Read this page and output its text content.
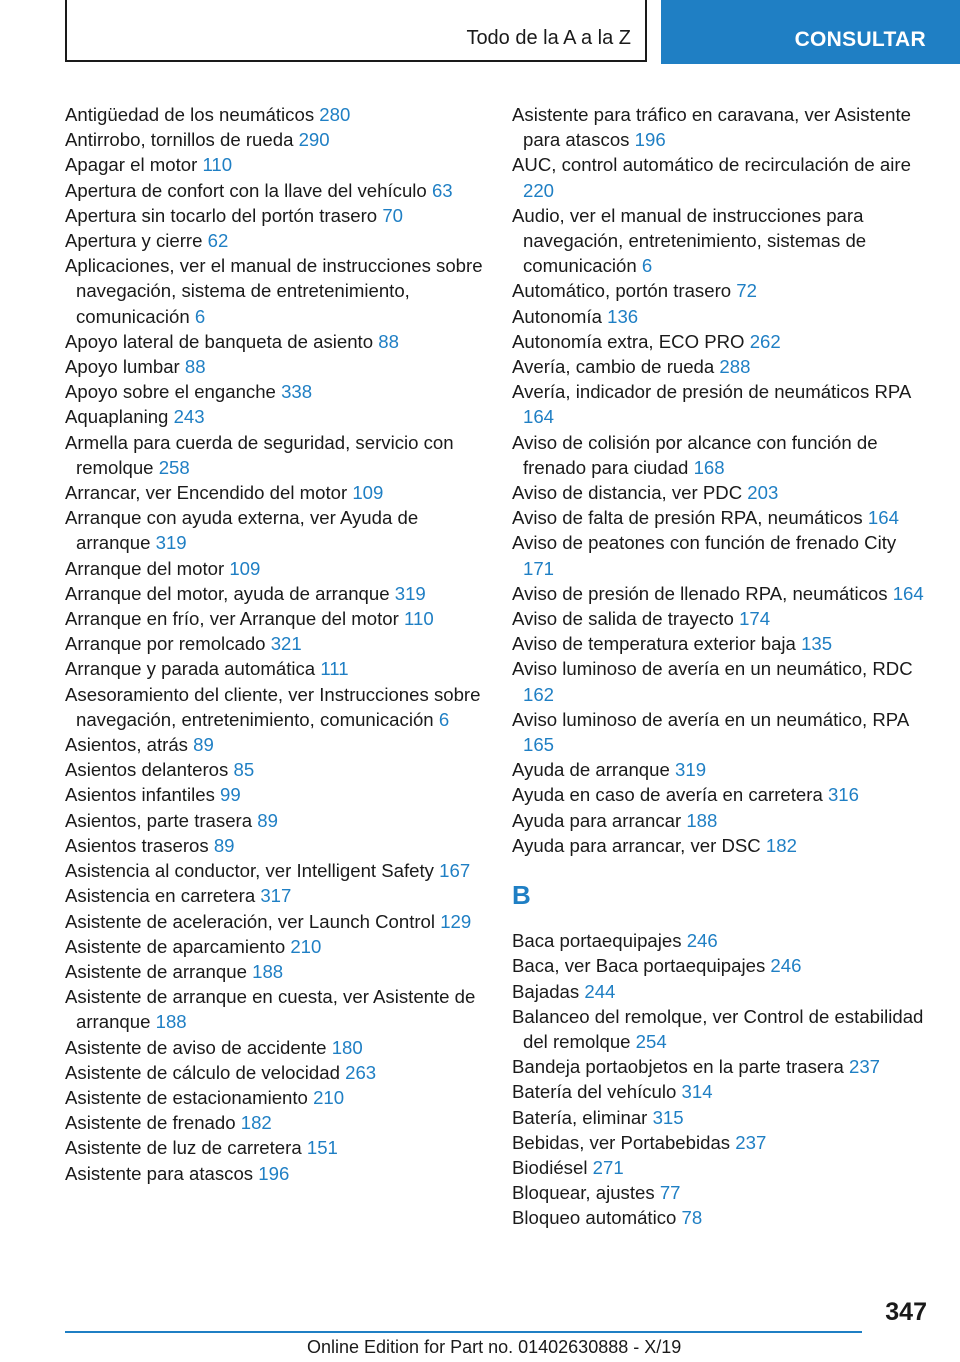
Todo de la A a la Z	CONSULTAR
Antigüedad de los neumáticos 280
Antirrobo, tornillos de rueda 290
Apagar el motor 110
Apertura de confort con la llave del vehículo 63
Apertura sin tocarlo del portón trasero 70
Apertura y cierre 62
Aplicaciones, ver el manual de instrucciones sobre navegación, sistema de entretenimiento, comunicación 6
Apoyo lateral de banqueta de asiento 88
Apoyo lumbar 88
Apoyo sobre el enganche 338
Aquaplaning 243
Armella para cuerda de seguridad, servicio con remolque 258
Arrancar, ver Encendido del motor 109
Arranque con ayuda externa, ver Ayuda de arranque 319
Arranque del motor 109
Arranque del motor, ayuda de arranque 319
Arranque en frío, ver Arranque del motor 110
Arranque por remolcado 321
Arranque y parada automática 111
Asesoramiento del cliente, ver Instrucciones sobre navegación, entretenimiento, comunicación 6
Asientos, atrás 89
Asientos delanteros 85
Asientos infantiles 99
Asientos, parte trasera 89
Asientos traseros 89
Asistencia al conductor, ver Intelligent Safety 167
Asistencia en carretera 317
Asistente de aceleración, ver Launch Control 129
Asistente de aparcamiento 210
Asistente de arranque 188
Asistente de arranque en cuesta, ver Asistente de arranque 188
Asistente de aviso de accidente 180
Asistente de cálculo de velocidad 263
Asistente de estacionamiento 210
Asistente de frenado 182
Asistente de luz de carretera 151
Asistente para atascos 196
Asistente para tráfico en caravana, ver Asistente para atascos 196
AUC, control automático de recirculación de aire 220
Audio, ver el manual de instrucciones para navegación, entretenimiento, sistemas de comunicación 6
Automático, portón trasero 72
Autonomía 136
Autonomía extra, ECO PRO 262
Avería, cambio de rueda 288
Avería, indicador de presión de neumáticos RPA 164
Aviso de colisión por alcance con función de frenado para ciudad 168
Aviso de distancia, ver PDC 203
Aviso de falta de presión RPA, neumáticos 164
Aviso de peatones con función de frenado City 171
Aviso de presión de llenado RPA, neumáticos 164
Aviso de salida de trayecto 174
Aviso de temperatura exterior baja 135
Aviso luminoso de avería en un neumático, RDC 162
Aviso luminoso de avería en un neumático, RPA 165
Ayuda de arranque 319
Ayuda en caso de avería en carretera 316
Ayuda para arrancar 188
Ayuda para arrancar, ver DSC 182
B
Baca portaequipajes 246
Baca, ver Baca portaequipajes 246
Bajadas 244
Balanceo del remolque, ver Control de estabilidad del remolque 254
Bandeja portaobjetos en la parte trasera 237
Batería del vehículo 314
Batería, eliminar 315
Bebidas, ver Portabebidas 237
Biodiésel 271
Bloquear, ajustes 77
Bloqueo automático 78
347
Online Edition for Part no. 01402630888 - X/19
